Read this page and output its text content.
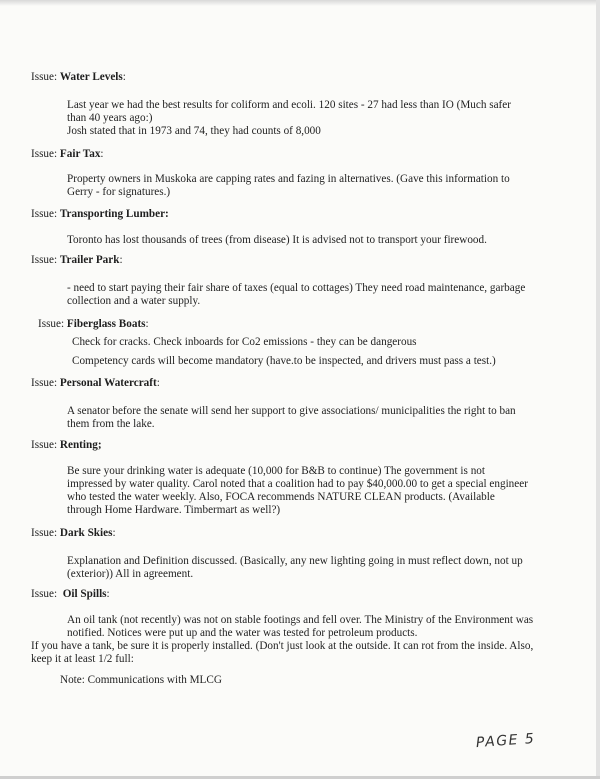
Issue: Water Levels:
Last year we had the best results for coliform and ecoli. 120 sites - 27 had less than IO (Much safer
than 40 years ago:)
Josh stated that in 1973 and 74, they had counts of 8,000
Issue: Fair Tax:
Property owners in Muskoka are capping rates and fazing in alternatives. (Gave this information to
Gerry - for signatures.)
Issue: Transporting Lumber:
Toronto has lost thousands of trees (from disease) It is advised not to transport your firewood.
Issue: Trailer Park:
- need to start paying their fair share of taxes (equal to cottages) They need road maintenance, garbage
collection and a water supply.
Issue: Fiberglass Boats:
Check for cracks. Check inboards for Co2 emissions - they can be dangerous
Competency cards will become mandatory (have.to be inspected, and drivers must pass a test.)
Issue: Personal Watercraft:
A senator before the senate will send her support to give associations/ municipalities the right to ban
them from the lake.
Issue: Renting;
Be sure your drinking water is adequate (10,000 for B&B to continue) The government is not
impressed by water quality. Carol noted that a coalition had to pay $40,000.00 to get a special engineer
who tested the water weekly. Also, FOCA recommends NATURE CLEAN products. (Available
through Home Hardware. Timbermart as well?)
Issue: Dark Skies:
Explanation and Definition discussed. (Basically, any new lighting going in must reflect down, not up
(exterior)) All in agreement.
Issue: Oil Spills:
An oil tank (not recently) was not on stable footings and fell over. The Ministry of the Environment was
notified. Notices were put up and the water was tested for petroleum products.
If you have a tank, be sure it is properly installed. (Don't just look at the outside. It can rot from the inside. Also,
keep it at least 1/2 full:
Note: Communications with MLCG
PAGE 5
